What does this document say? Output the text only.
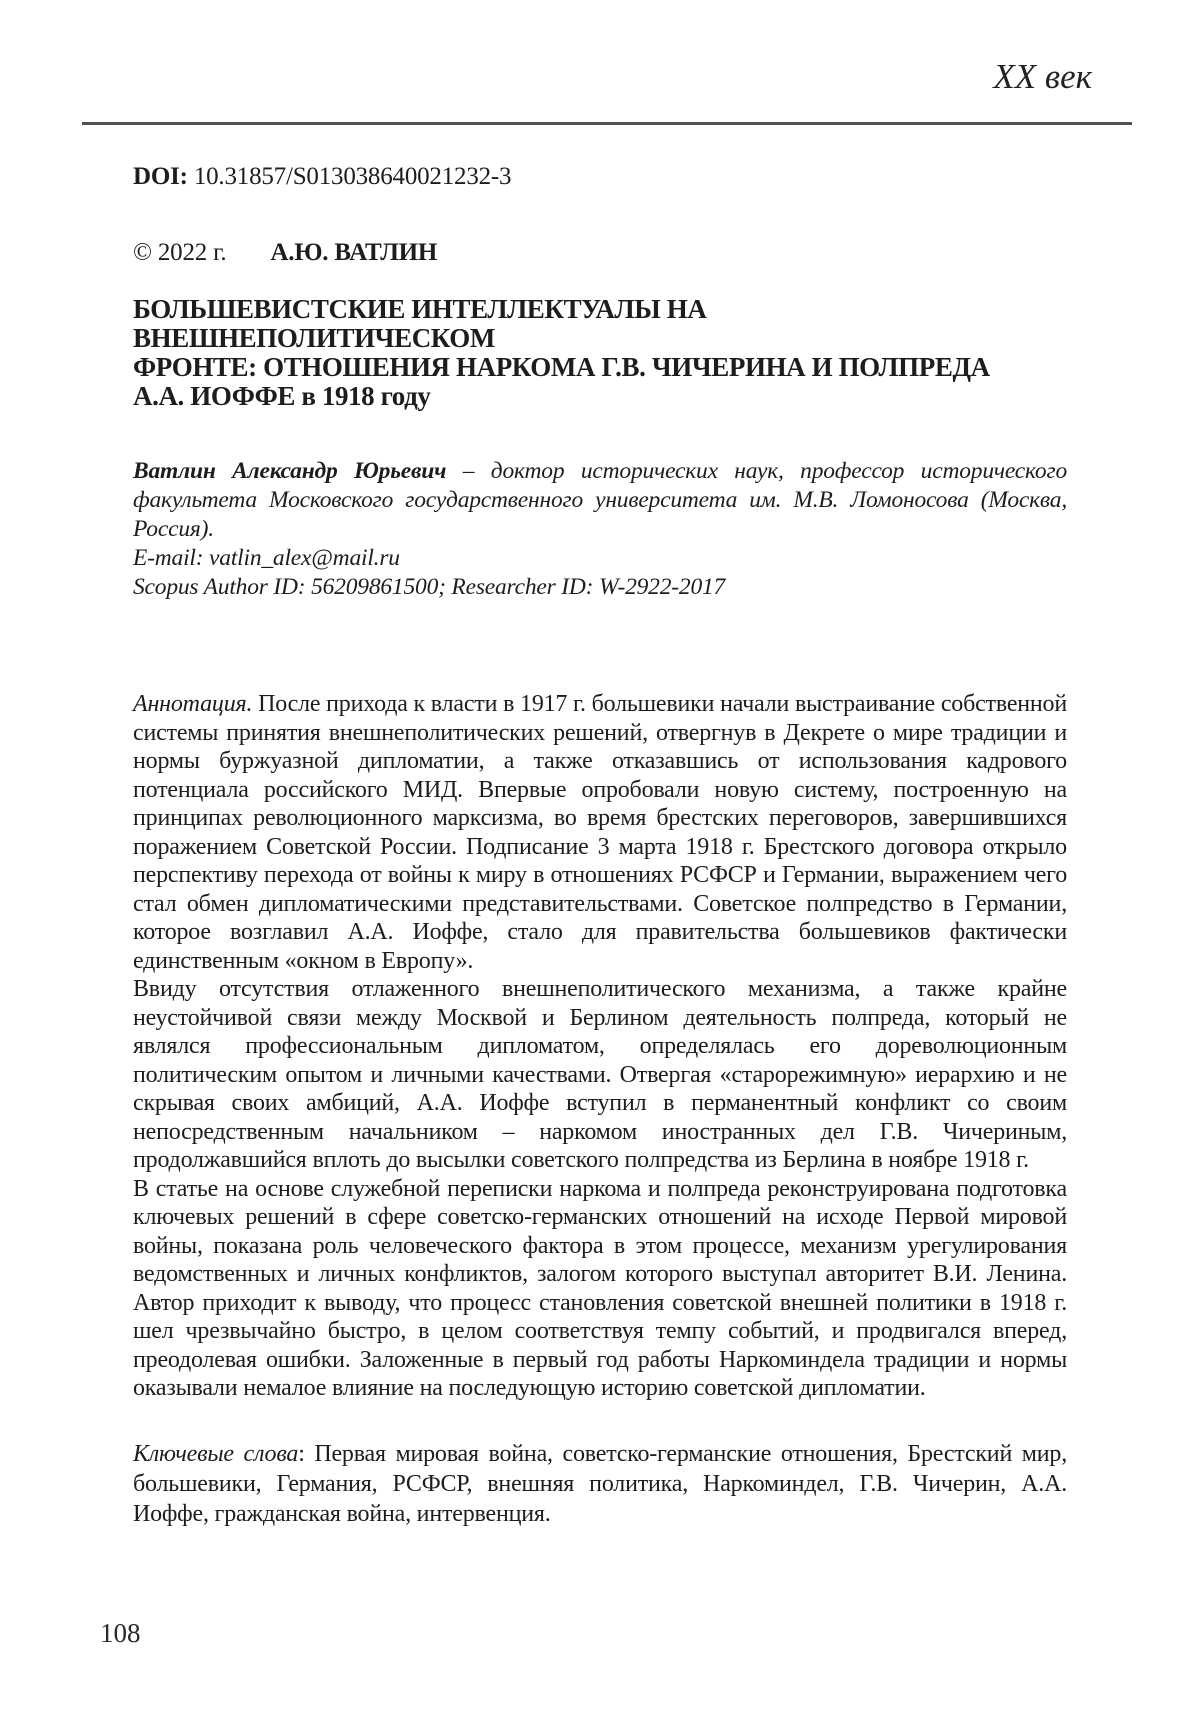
XX век
DOI: 10.31857/S013038640021232-3
© 2022 г. А.Ю. ВАТЛИН
БОЛЬШЕВИСТСКИЕ ИНТЕЛЛЕКТУАЛЫ НА ВНЕШНЕПОЛИТИЧЕСКОМ
ФРОНТЕ: ОТНОШЕНИЯ НАРКОМА Г.В. ЧИЧЕРИНА И ПОЛПРЕДА
А.А. ИОФФЕ в 1918 году
Ватлин Александр Юрьевич – доктор исторических наук, профессор исторического факультета Московского государственного университета им. М.В. Ломоносова (Москва, Россия).
E-mail: vatlin_alex@mail.ru
Scopus Author ID: 56209861500; Researcher ID: W-2922-2017

Аннотация. После прихода к власти в 1917 г. большевики начали выстраивание собственной системы принятия внешнеполитических решений, отвергнув в Декрете о мире традиции и нормы буржуазной дипломатии, а также отказавшись от использования кадрового потенциала российского МИД. Впервые опробовали новую систему, построенную на принципах революционного марксизма, во время брестских переговоров, завершившихся поражением Советской России. Подписание 3 марта 1918 г. Брестского договора открыло перспективу перехода от войны к миру в отношениях РСФСР и Германии, выражением чего стал обмен дипломатическими представительствами. Советское полпредство в Германии, которое возглавил А.А. Иоффе, стало для правительства большевиков фактически единственным «окном в Европу».

Ввиду отсутствия отлаженного внешнеполитического механизма, а также крайне неустойчивой связи между Москвой и Берлином деятельность полпреда, который не являлся профессиональным дипломатом, определялась его дореволюционным политическим опытом и личными качествами. Отвергая «старорежимную» иерархию и не скрывая своих амбиций, А.А. Иоффе вступил в перманентный конфликт со своим непосредственным начальником – наркомом иностранных дел Г.В. Чичериным, продолжавшийся вплоть до высылки советского полпредства из Берлина в ноябре 1918 г.

В статье на основе служебной переписки наркома и полпреда реконструирована подготовка ключевых решений в сфере советско-германских отношений на исходе Первой мировой войны, показана роль человеческого фактора в этом процессе, механизм урегулирования ведомственных и личных конфликтов, залогом которого выступал авторитет В.И. Ленина. Автор приходит к выводу, что процесс становления советской внешней политики в 1918 г. шел чрезвычайно быстро, в целом соответствуя темпу событий, и продвигался вперед, преодолевая ошибки. Заложенные в первый год работы Наркоминдела традиции и нормы оказывали немалое влияние на последующую историю советской дипломатии.

Ключевые слова: Первая мировая война, советско-германские отношения, Брестский мир, большевики, Германия, РСФСР, внешняя политика, Наркоминдел, Г.В. Чичерин, А.А. Иоффе, гражданская война, интервенция.
108
